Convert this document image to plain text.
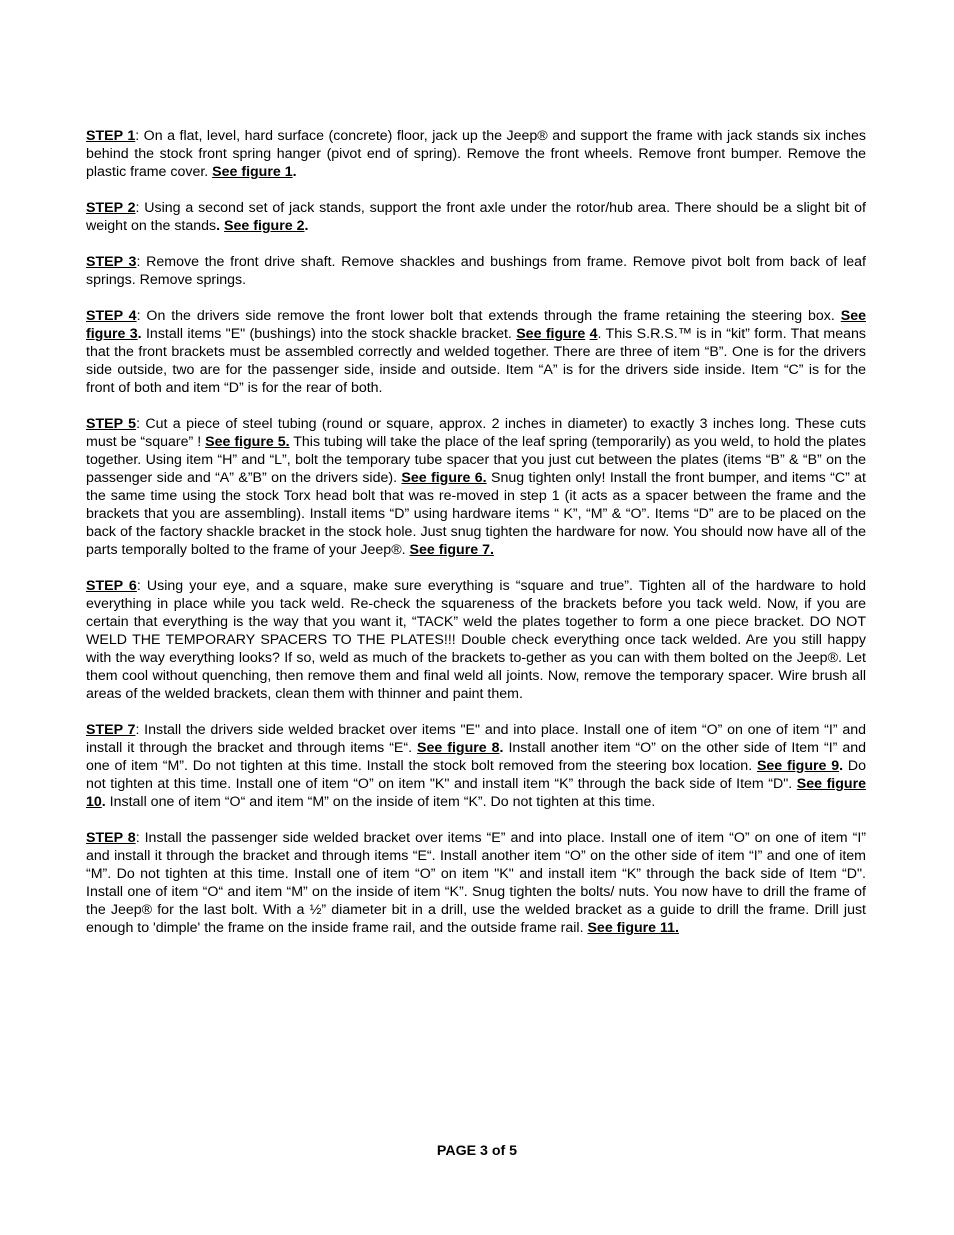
STEP 1: On a flat, level, hard surface (concrete) floor, jack up the Jeep® and support the frame with jack stands six inches behind the stock front spring hanger (pivot end of spring). Remove the front wheels. Remove front bumper. Remove the plastic frame cover. See figure 1.

STEP 2: Using a second set of jack stands, support the front axle under the rotor/hub area. There should be a slight bit of weight on the stands. See figure 2.

STEP 3: Remove the front drive shaft. Remove shackles and bushings from frame. Remove pivot bolt from back of leaf springs. Remove springs.

STEP 4: On the drivers side remove the front lower bolt that extends through the frame retaining the steering box. See figure 3. Install items "E" (bushings) into the stock shackle bracket. See figure 4. This S.R.S.™ is in “kit” form. That means that the front brackets must be assembled correctly and welded together. There are three of item “B”. One is for the drivers side outside, two are for the passenger side, inside and outside. Item “A” is for the drivers side inside. Item “C” is for the front of both and item “D” is for the rear of both.

STEP 5: Cut a piece of steel tubing (round or square, approx. 2 inches in diameter) to exactly 3 inches long. These cuts must be “square” ! See figure 5. This tubing will take the place of the leaf spring (temporarily) as you weld, to hold the plates together. Using item “H” and “L”, bolt the temporary tube spacer that you just cut between the plates (items “B” & “B” on the passenger side and “A” &”B” on the drivers side). See figure 6. Snug tighten only! Install the front bumper, and items “C” at the same time using the stock Torx head bolt that was re-moved in step 1 (it acts as a spacer between the frame and the brackets that you are assembling). Install items “D” using hardware items “ K”, “M” & “O”. Items “D” are to be placed on the back of the factory shackle bracket in the stock hole. Just snug tighten the hardware for now. You should now have all of the parts temporally bolted to the frame of your Jeep®. See figure 7.

STEP 6: Using your eye, and a square, make sure everything is “square and true”. Tighten all of the hardware to hold everything in place while you tack weld. Re-check the squareness of the brackets before you tack weld. Now, if you are certain that everything is the way that you want it, “TACK” weld the plates together to form a one piece bracket. DO NOT WELD THE TEMPORARY SPACERS TO THE PLATES!!! Double check everything once tack welded. Are you still happy with the way everything looks? If so, weld as much of the brackets to-gether as you can with them bolted on the Jeep®. Let them cool without quenching, then remove them and final weld all joints. Now, remove the temporary spacer. Wire brush all areas of the welded brackets, clean them with thinner and paint them.

STEP 7: Install the drivers side welded bracket over items "E" and into place. Install one of item “O” on one of item “I” and install it through the bracket and through items “E“. See figure 8. Install another item “O” on the other side of Item “I” and one of item “M”. Do not tighten at this time. Install the stock bolt removed from the steering box location. See figure 9. Do not tighten at this time. Install one of item “O” on item "K" and install item “K” through the back side of Item “D". See figure 10. Install one of item “O“ and item “M” on the inside of item “K”. Do not tighten at this time.

STEP 8: Install the passenger side welded bracket over items “E” and into place. Install one of item “O” on one of item “I” and install it through the bracket and through items “E“. Install another item “O” on the other side of item “I” and one of item “M”. Do not tighten at this time. Install one of item “O” on item "K" and install item “K” through the back side of Item “D". Install one of item “O“ and item “M” on the inside of item “K”. Snug tighten the bolts/ nuts. You now have to drill the frame of the Jeep® for the last bolt. With a ½” diameter bit in a drill, use the welded bracket as a guide to drill the frame. Drill just enough to 'dimple' the frame on the inside frame rail, and the outside frame rail. See figure 11.

PAGE 3 of 5
